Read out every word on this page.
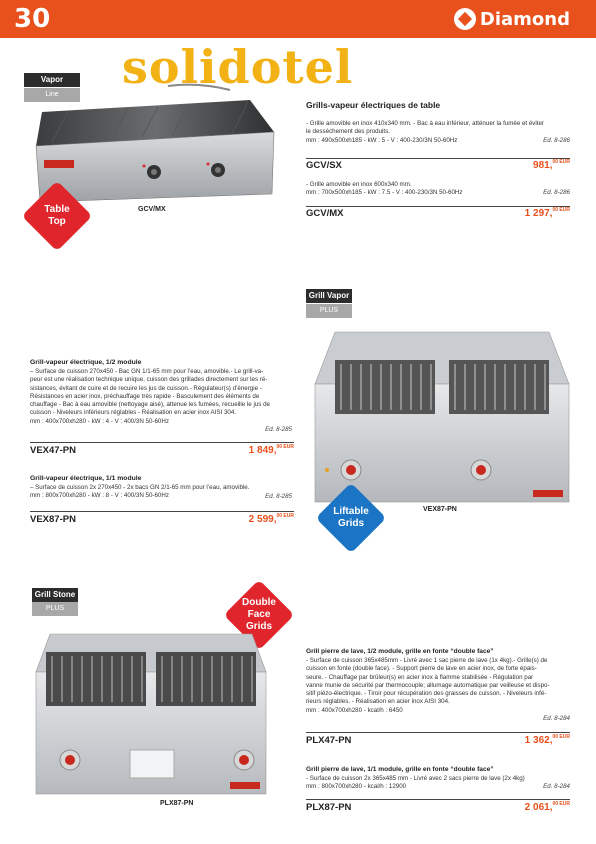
30	Diamond
solidotel
Vapor
Line
Table
Top
GCV/MX
Grills-vapeur électriques de table
- Grille amovible en inox 410x340 mm. - Bac à eau inférieur, atténuer la fumée et éviter
le dessèchement des produits.
mm : 490x500xh185 - kW : 5 - V : 400-230/3N 50-60Hz	Ed. 8-286
GCV/SX	981,$^{00 EUR}$
- Grille amovible en inox 600x340 mm.
mm : 700x500xh185 - kW : 7.5 - V : 400-230/3N 50-60Hz	Ed. 8-286
GCV/MX	1 297,$^{00 EUR}$
Grill Vapor
PLUS
Liftable
Grids
VEX87-PN
Grill-vapeur électrique, 1/2 module
– Surface de cuisson 270x450 - Bac GN 1/1-65 mm pour l’eau, amovible.- Le grill-va-
peur est une réalisation technique unique, cuisson des grillades directement sur les ré-
sistances, évitant de cuire et de recuire les jus de cuisson.- Régulateur(s) d’énergie -
Résistances en acier inox, préchauffage très rapide - Basculement des éléments de
chauffage - Bac à eau amovible (nettoyage aisé), attenue les fumées, recueille le jus de
cuisson - Niveleurs inférieurs réglables - Réalisation en acier inox AISI 304.
mm : 400x700xh280 - kW : 4 - V : 400/3N 50-60Hz
Ed. 8-285
VEX47-PN	1 849,$^{00 EUR}$
Grill-vapeur électrique, 1/1 module
– Surface de cuisson 2x 270x450 - 2x bacs GN 2/1-65 mm pour l’eau, amovible.
mm : 800x700xh280 - kW : 8 - V : 400/3N 50-60Hz	Ed. 8-285
VEX87-PN	2 599,$^{00 EUR}$
Grill Stone
PLUS
Double
Face
Grids
PLX87-PN
Grill pierre de lave, 1/2 module, grille en fonte “double face”
- Surface de cuisson 365x485mm - Livré avec 1 sac pierre de lave (1x 4kg).- Grille(s) de
cuisson en fonte (double face). - Support pierre de lave en acier inox, de forte épais-
seure. - Chauffage par brûleur(s) en acier inox à flamme stabilisée - Régulation par
vanne munie de sécurité par thermocouple; allumage automatique par veilleuse et dispo-
sitif piézo-électrique. - Tiroir pour récupération des graisses de cuisson. - Niveleurs infé-
rieurs réglables. - Réalisation en acier inox AISI 304.
mm : 400x700xh280 - kcal/h : 6450
Ed. 8-284
PLX47-PN	1 362,$^{00 EUR}$
Grill pierre de lave, 1/1 module, grille en fonte “double face”
- Surface de cuisson 2x 365x485 mm - Livré avec 2 sacs pierre de lave (2x 4kg)
mm : 800x700xh280 - kcal/h : 12900	Ed. 8-284
PLX87-PN	2 061,$^{00 EUR}$
